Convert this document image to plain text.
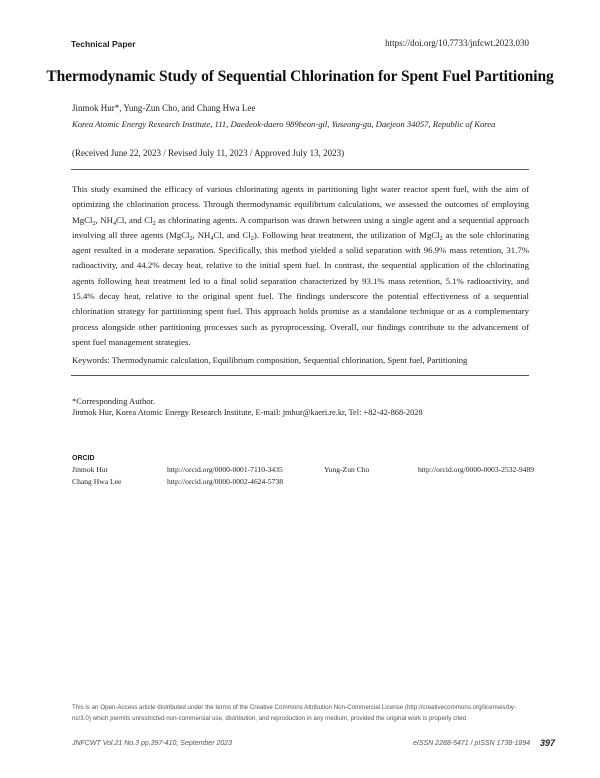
Technical Paper	https://doi.org/10.7733/jnfcwt.2023.030
Thermodynamic Study of Sequential Chlorination for Spent Fuel Partitioning
Jinmok Hur*, Yung-Zun Cho, and Chang Hwa Lee
Korea Atomic Energy Research Institute, 111, Daedeok-daero 989beon-gil, Yuseong-gu, Daejeon 34057, Republic of Korea
(Received June 22, 2023 / Revised July 11, 2023 / Approved July 13, 2023)
This study examined the efficacy of various chlorinating agents in partitioning light water reactor spent fuel, with the aim of optimizing the chlorination process. Through thermodynamic equilibrium calculations, we assessed the outcomes of employing MgCl$_2$, $NH_4Cl$, and $Cl_2$ as chlorinating agents. A comparison was drawn between using a single agent and a sequential approach involving all three agents (MgCl$_2$, $NH_4Cl$, and $Cl_2$). Following heat treatment, the utilization of MgCl$_2$ as the sole chlorinating agent resulted in a moderate separation. Specifically, this method yielded a solid separation with 96.9% mass retention, 31.7% radioactivity, and 44.2% decay heat, relative to the initial spent fuel. In contrast, the sequential application of the chlorinating agents following heat treatment led to a final solid separation characterized by 93.1% mass retention, 5.1% radioactivity, and 15.4% decay heat, relative to the original spent fuel. The findings underscore the potential effectiveness of a sequential chlorination strategy for partitioning spent fuel. This approach holds promise as a standalone technique or as a complementary process alongside other partitioning processes such as pyroprocessing. Overall, our findings contribute to the advancement of spent fuel management strategies.
Keywords: Thermodynamic calculation, Equilibrium composition, Sequential chlorination, Spent fuel, Partitioning
*Corresponding Author.
Jinmok Hur, Korea Atomic Energy Research Institute, E-mail: jmhur@kaeri.re.kr, Tel: +82-42-868-2028
ORCID
Jinmok Hur	http://orcid.org/0000-0001-7110-3435	Yung-Zun Cho	http://orcid.org/0000-0003-2532-9489
Chang Hwa Lee	http://orcid.org/0000-0002-4624-5738
This is an Open-Access article distributed under the terms of the Creative Commons Attribution Non-Commercial License (http://creativecommons.org/licenses/by-nc/3.0) which permits unrestricted non-commercial use, distribution, and reproduction in any medium, provided the original work is properly cited
JNFCWT Vol.21 No.3 pp.397-410, September 2023	eISSN 2288-5471 / pISSN 1738-1894 397
